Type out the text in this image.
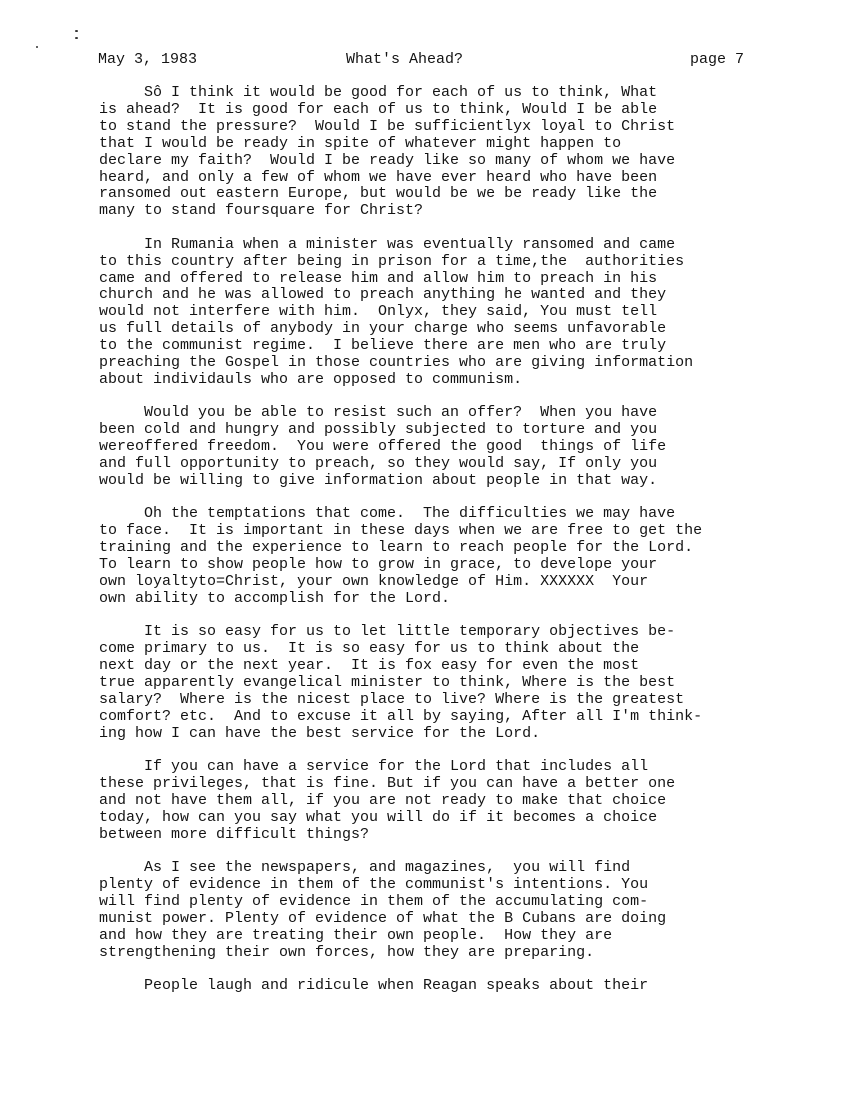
May 3, 1983	What's Ahead?	page 7

Sô I think it would be good for each of us to think, What
is ahead?  It is good for each of us to think, Would I be able
to stand the pressure?  Would I be sufficientlyx loyal to Christ
that I would be ready in spite of whatever might happen to
declare my faith?  Would I be ready like so many of whom we have
heard, and only a few of whom we have ever heard who have been
ransomed out eastern Europe, but would be we be ready like the
many to stand foursquare for Christ?

In Rumania when a minister was eventually ransomed and came
to this country after being in prison for a time,the  authorities
came and offered to release him and allow him to preach in his
church and he was allowed to preach anything he wanted and they
would not interfere with him.  Onlyx, they said, You must tell
us full details of anybody in your charge who seems unfavorable
to the communist regime.  I believe there are men who are truly
preaching the Gospel in those countries who are giving information
about individauls who are opposed to communism.

Would you be able to resist such an offer?  When you have
been cold and hungry and possibly subjected to torture and you
wereoffered freedom.  You were offered the good  things of life
and full opportunity to preach, so they would say, If only you
would be willing to give information about people in that way.

Oh the temptations that come.  The difficulties we may have
to face.  It is important in these days when we are free to get the
training and the experience to learn to reach people for the Lord.
To learn to show people how to grow in grace, to develope your
own loyaltyto=Christ, your own knowledge of Him. XXXXXX  Your
own ability to accomplish for the Lord.

It is so easy for us to let little temporary objectives be-
come primary to us.  It is so easy for us to think about the
next day or the next year.  It is fox easy for even the most
true apparently evangelical minister to think, Where is the best
salary?  Where is the nicest place to live? Where is the greatest
comfort? etc.  And to excuse it all by saying, After all I'm think-
ing how I can have the best service for the Lord.

If you can have a service for the Lord that includes all
these privileges, that is fine. But if you can have a better one
and not have them all, if you are not ready to make that choice
today, how can you say what you will do if it becomes a choice
between more difficult things?

As I see the newspapers, and magazines,  you will find
plenty of evidence in them of the communist's intentions. You
will find plenty of evidence in them of the accumulating com-
munist power. Plenty of evidence of what the B Cubans are doing
and how they are treating their own people.  How they are
strengthening their own forces, how they are preparing.

People laugh and ridicule when Reagan speaks about their
